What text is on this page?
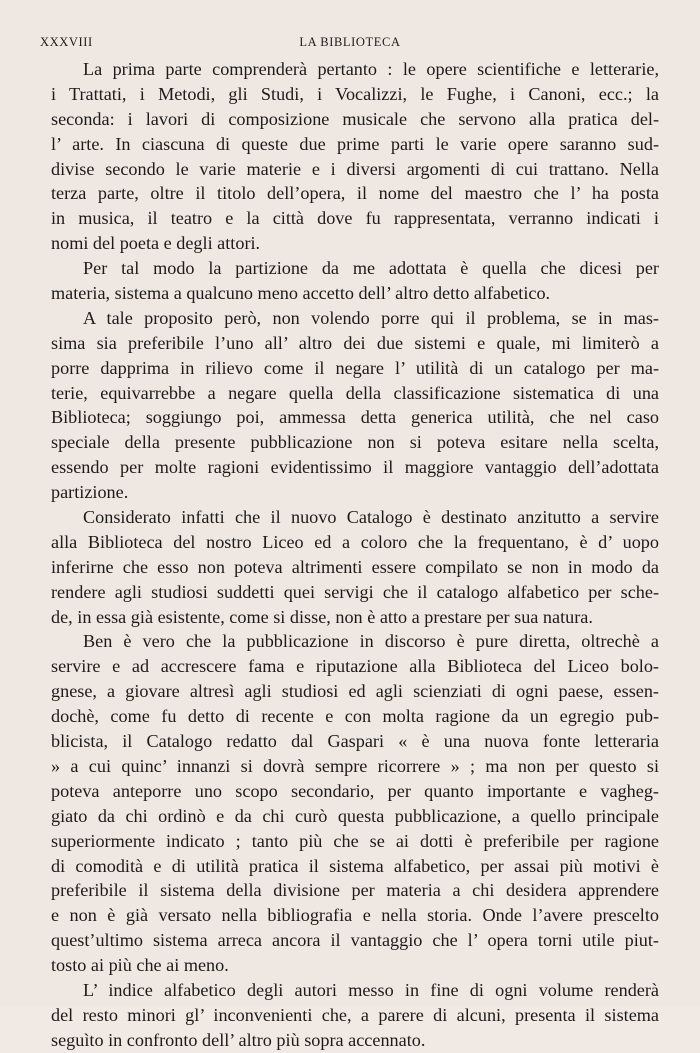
XXXVIII	LA BIBLIOTECA
La prima parte comprenderà pertanto : le opere scientifiche e letterarie,
i Trattati, i Metodi, gli Studi, i Vocalizzi, le Fughe, i Canoni, ecc.; la
seconda: i lavori di composizione musicale che servono alla pratica del-
l’ arte. In ciascuna di queste due prime parti le varie opere saranno sud-
divise secondo le varie materie e i diversi argomenti di cui trattano. Nella
terza parte, oltre il titolo dell’opera, il nome del maestro che l’ ha posta
in musica, il teatro e la città dove fu rappresentata, verranno indicati i
nomi del poeta e degli attori.
Per tal modo la partizione da me adottata è quella che dicesi per
materia, sistema a qualcuno meno accetto dell’ altro detto alfabetico.
A tale proposito però, non volendo porre qui il problema, se in mas-
sima sia preferibile l’uno all’ altro dei due sistemi e quale, mi limiterò a
porre dapprima in rilievo come il negare l’ utilità di un catalogo per ma-
terie, equivarrebbe a negare quella della classificazione sistematica di una
Biblioteca; soggiungo poi, ammessa detta generica utilità, che nel caso
speciale della presente pubblicazione non si poteva esitare nella scelta,
essendo per molte ragioni evidentissimo il maggiore vantaggio dell’adottata
partizione.
Considerato infatti che il nuovo Catalogo è destinato anzitutto a servire
alla Biblioteca del nostro Liceo ed a coloro che la frequentano, è d’ uopo
inferirne che esso non poteva altrimenti essere compilato se non in modo da
rendere agli studiosi suddetti quei servigi che il catalogo alfabetico per sche-
de, in essa già esistente, come si disse, non è atto a prestare per sua natura.
Ben è vero che la pubblicazione in discorso è pure diretta, oltrechè a
servire e ad accrescere fama e riputazione alla Biblioteca del Liceo bolo-
gnese, a giovare altresì agli studiosi ed agli scienziati di ogni paese, essen-
dochè, come fu detto di recente e con molta ragione da un egregio pub-
blicista, il Catalogo redatto dal Gaspari « è una nuova fonte letteraria
» a cui quinc’ innanzi si dovrà sempre ricorrere » ; ma non per questo si
poteva anteporre uno scopo secondario, per quanto importante e vagheg-
giato da chi ordinò e da chi curò questa pubblicazione, a quello principale
superiormente indicato ; tanto più che se ai dotti è preferibile per ragione
di comodità e di utilità pratica il sistema alfabetico, per assai più motivi è
preferibile il sistema della divisione per materia a chi desidera apprendere
e non è già versato nella bibliografia e nella storia. Onde l’avere prescelto
quest’ultimo sistema arreca ancora il vantaggio che l’ opera torni utile piut-
tosto ai più che ai meno.
L’ indice alfabetico degli autori messo in fine di ogni volume renderà
del resto minori gl’ inconvenienti che, a parere di alcuni, presenta il sistema
seguìto in confronto dell’ altro più sopra accennato.
